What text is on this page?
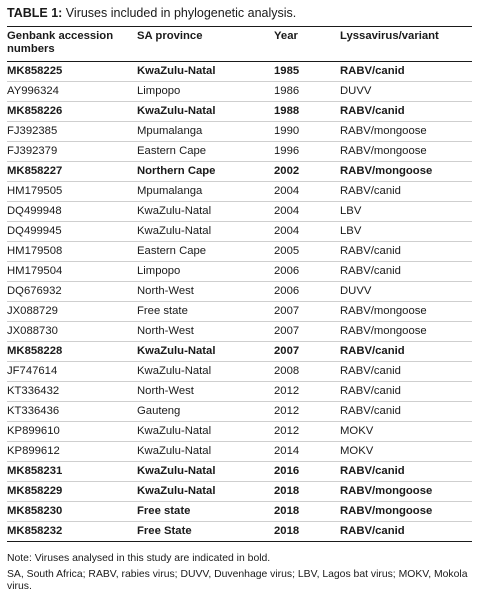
TABLE 1: Viruses included in phylogenetic analysis.
Genbank accession numbers	SA province	Year	Lyssavirus/variant
MK858225	KwaZulu-Natal	1985	RABV/canid
AY996324	Limpopo	1986	DUVV
MK858226	KwaZulu-Natal	1988	RABV/canid
FJ392385	Mpumalanga	1990	RABV/mongoose
FJ392379	Eastern Cape	1996	RABV/mongoose
MK858227	Northern Cape	2002	RABV/mongoose
HM179505	Mpumalanga	2004	RABV/canid
DQ499948	KwaZulu-Natal	2004	LBV
DQ499945	KwaZulu-Natal	2004	LBV
HM179508	Eastern Cape	2005	RABV/canid
HM179504	Limpopo	2006	RABV/canid
DQ676932	North-West	2006	DUVV
JX088729	Free state	2007	RABV/mongoose
JX088730	North-West	2007	RABV/mongoose
MK858228	KwaZulu-Natal	2007	RABV/canid
JF747614	KwaZulu-Natal	2008	RABV/canid
KT336432	North-West	2012	RABV/canid
KT336436	Gauteng	2012	RABV/canid
KP899610	KwaZulu-Natal	2012	MOKV
KP899612	KwaZulu-Natal	2014	MOKV
MK858231	KwaZulu-Natal	2016	RABV/canid
MK858229	KwaZulu-Natal	2018	RABV/mongoose
MK858230	Free state	2018	RABV/mongoose
MK858232	Free State	2018	RABV/canid

Note: Viruses analysed in this study are indicated in bold.

SA, South Africa; RABV, rabies virus; DUVV, Duvenhage virus; LBV, Lagos bat virus; MOKV, Mokola virus.
